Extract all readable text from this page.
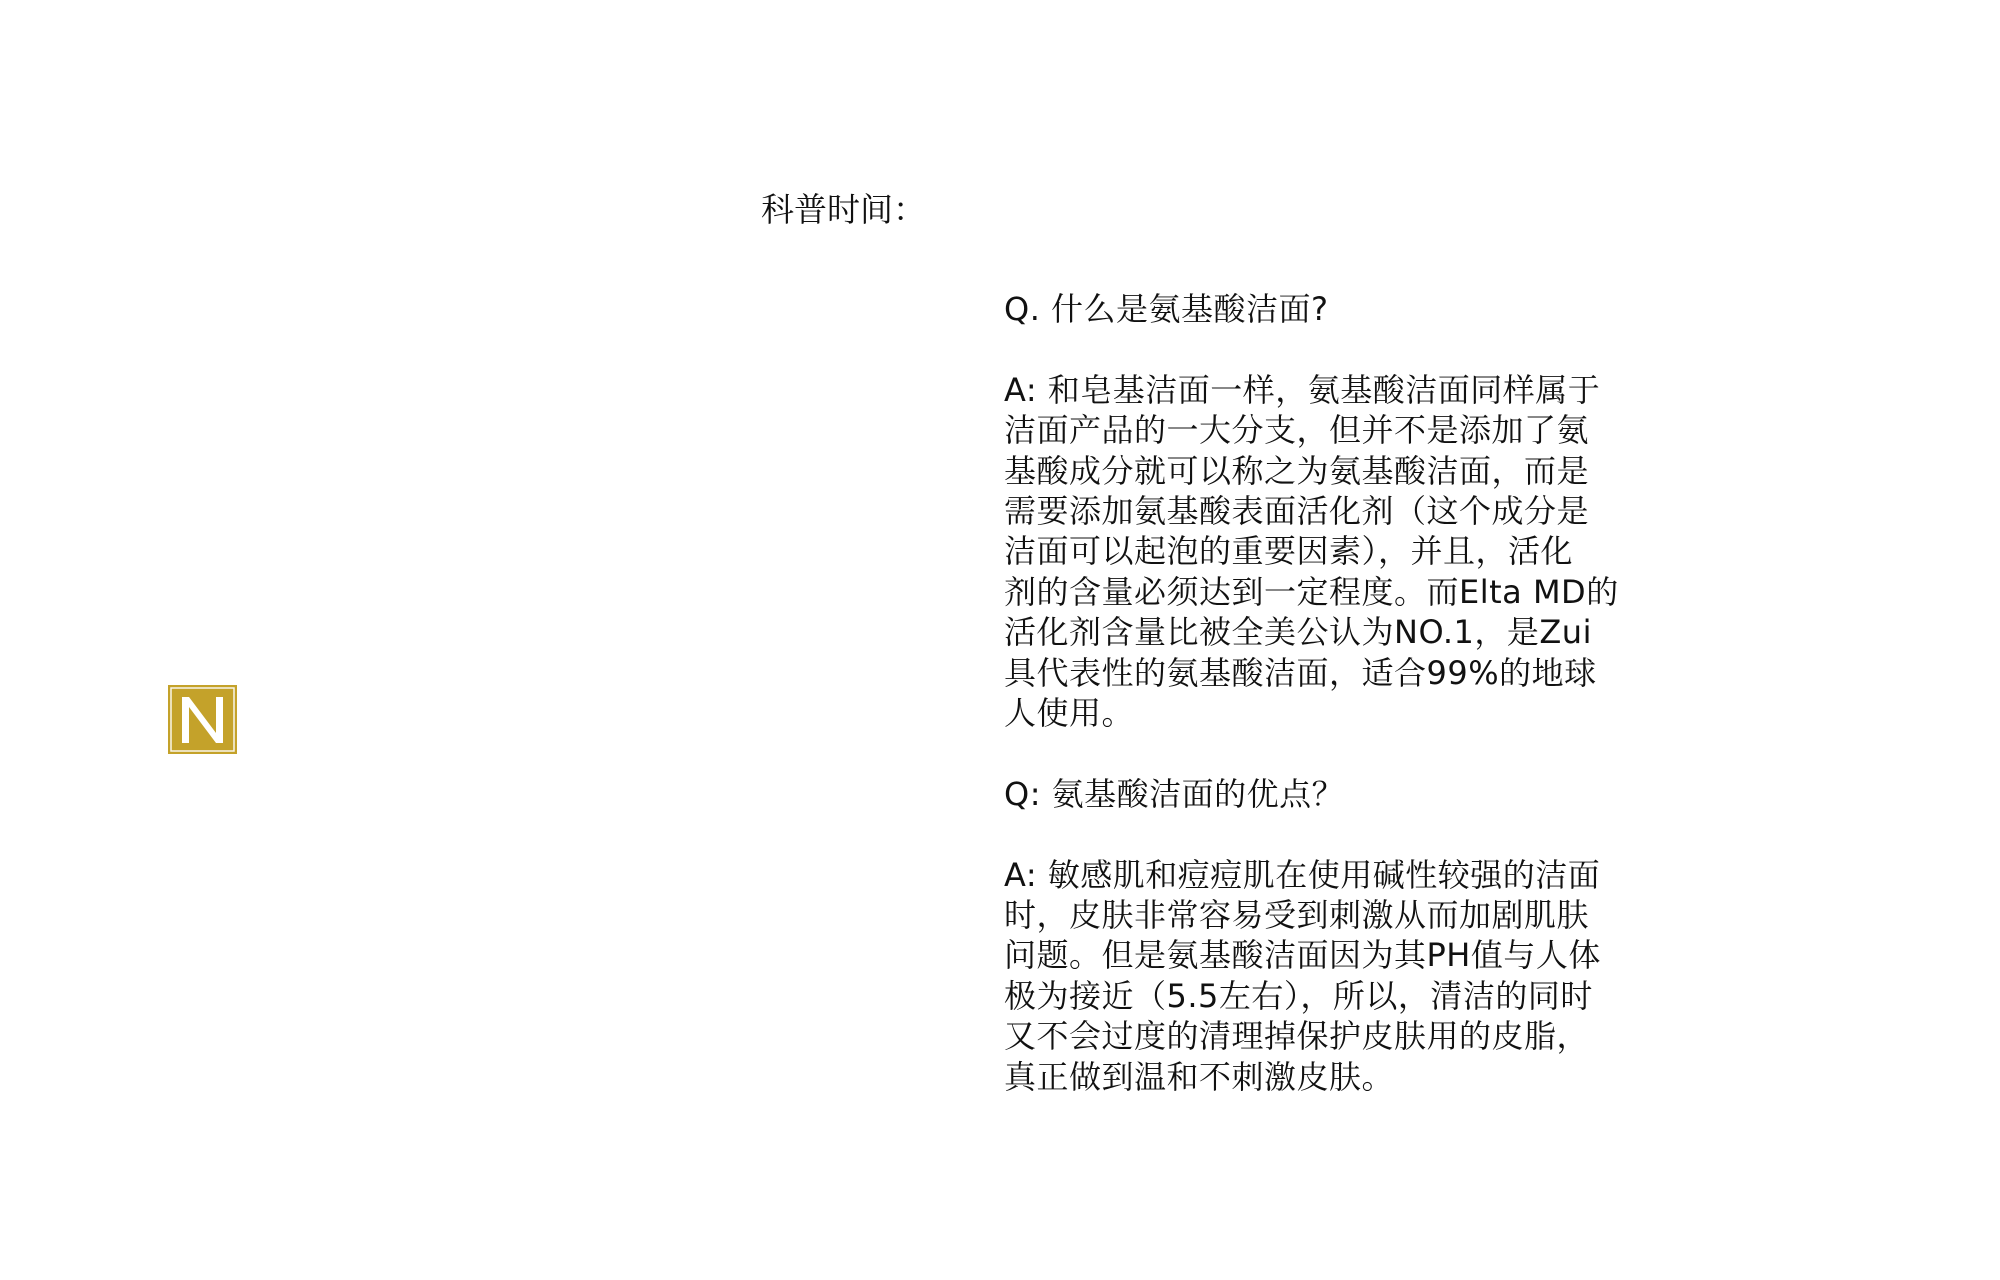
科普时间：
Q. 什么是氨基酸洁面?
A: 和皂基洁面一样，氨基酸洁面同样属于
洁面产品的一大分支，但并不是添加了氨
基酸成分就可以称之为氨基酸洁面，而是
需要添加氨基酸表面活化剂（这个成分是
洁面可以起泡的重要因素），并且，活化
剂的含量必须达到一定程度。而Elta MD的
活化剂含量比被全美公认为NO.1，是Zui
具代表性的氨基酸洁面，适合99%的地球
人使用。
Q: 氨基酸洁面的优点？
A: 敏感肌和痘痘肌在使用碱性较强的洁面
时，皮肤非常容易受到刺激从而加剧肌肤
问题。但是氨基酸洁面因为其PH值与人体
极为接近（5.5左右），所以，清洁的同时
又不会过度的清理掉保护皮肤用的皮脂，
真正做到温和不刺激皮肤。
